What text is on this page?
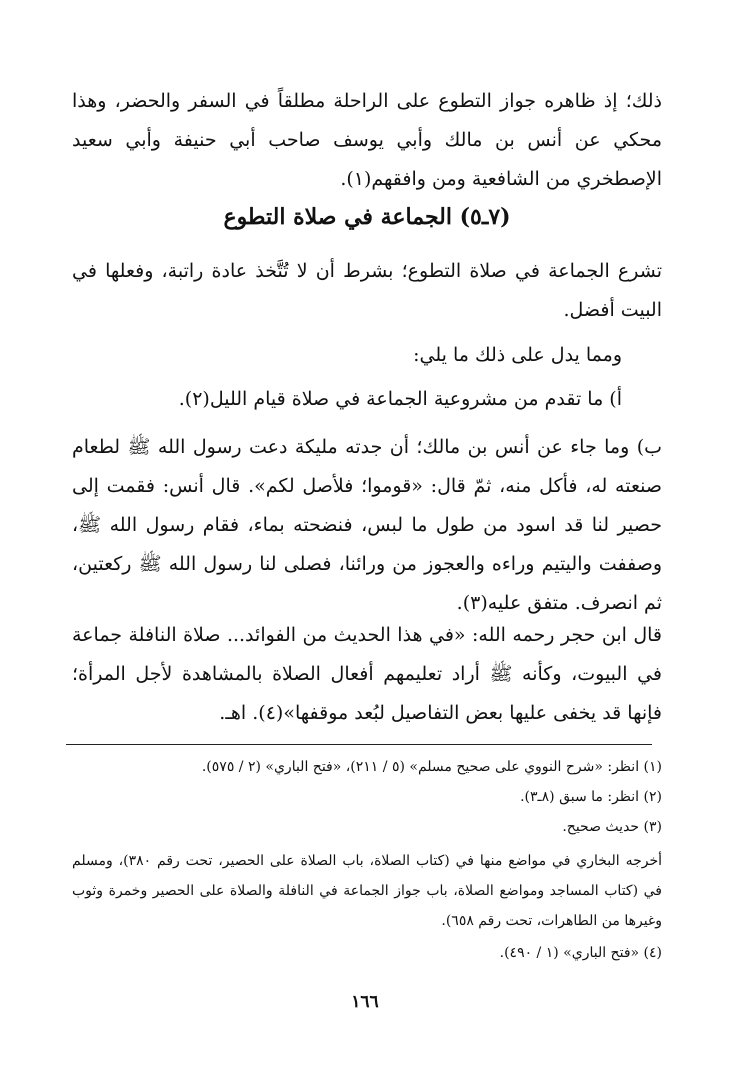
ذلك؛ إذ ظاهره جواز التطوع على الراحلة مطلقاً في السفر والحضر، وهذا محكي عن أنس بن مالك وأبي يوسف صاحب أبي حنيفة وأبي سعيد الإصطخري من الشافعية ومن وافقهم(١).

(٧ـ٥) الجماعة في صلاة التطوع

تشرع الجماعة في صلاة التطوع؛ بشرط أن لا تُتَّخذ عادة راتبة، وفعلها في البيت أفضل.

ومما يدل على ذلك ما يلي:

أ) ما تقدم من مشروعية الجماعة في صلاة قيام الليل(٢).

ب) وما جاء عن أنس بن مالك؛ أن جدته مليكة دعت رسول الله ﷺ لطعام صنعته له، فأكل منه، ثمّ قال: «قوموا؛ فلأصل لكم». قال أنس: فقمت إلى حصير لنا قد اسود من طول ما لبس، فنضحته بماء، فقام رسول الله ﷺ، وصففت واليتيم وراءه والعجوز من ورائنا، فصلى لنا رسول الله ﷺ ركعتين، ثم انصرف. متفق عليه(٣).

قال ابن حجر رحمه الله: «في هذا الحديث من الفوائد... صلاة النافلة جماعة في البيوت، وكأنه ﷺ أراد تعليمهم أفعال الصلاة بالمشاهدة لأجل المرأة؛ فإنها قد يخفى عليها بعض التفاصيل لبُعد موقفها»(٤). اهـ.

(١) انظر: «شرح النووي على صحيح مسلم» (٥ / ٢١١)، «فتح الباري» (٢ / ٥٧٥).

(٢) انظر: ما سبق (٨ـ٣).

(٣) حديث صحيح.

أخرجه البخاري في مواضع منها في (كتاب الصلاة، باب الصلاة على الحصير، تحت رقم ٣٨٠)، ومسلم في (كتاب المساجد ومواضع الصلاة، باب جواز الجماعة في النافلة والصلاة على الحصير وخمرة وثوب وغيرها من الطاهرات، تحت رقم ٦٥٨).

(٤) «فتح الباري» (١ / ٤٩٠).

١٦٦
